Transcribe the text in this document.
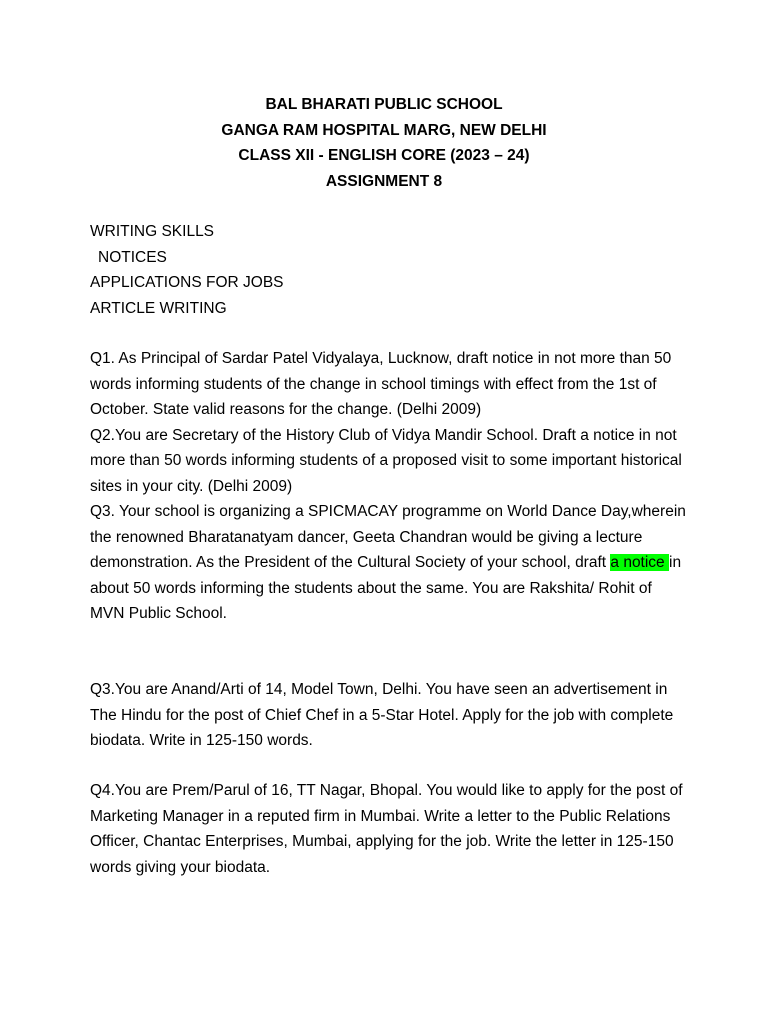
BAL BHARATI PUBLIC SCHOOL
GANGA RAM HOSPITAL MARG, NEW DELHI
CLASS XII - ENGLISH CORE (2023 – 24)
ASSIGNMENT 8
WRITING SKILLS
NOTICES
APPLICATIONS FOR JOBS
ARTICLE WRITING

Q1. As Principal of Sardar Patel Vidyalaya, Lucknow, draft notice in not more than 50 words informing students of the change in school timings with effect from the 1st of October. State valid reasons for the change. (Delhi 2009)

Q2.You are Secretary of the History Club of Vidya Mandir School. Draft a notice in not more than 50 words informing students of a proposed visit to some important historical sites in your city. (Delhi 2009)

Q3. Your school is organizing a SPICMACAY programme on World Dance Day,wherein the renowned Bharatanatyam dancer, Geeta Chandran would be giving a lecture demonstration. As the President of the Cultural Society of your school, draft a notice in about 50 words informing the students about the same. You are Rakshita/ Rohit of MVN Public School.

Q3.You are Anand/Arti of 14, Model Town, Delhi. You have seen an advertisement in The Hindu for the post of Chief Chef in a 5-Star Hotel. Apply for the job with complete biodata. Write in 125-150 words.

Q4.You are Prem/Parul of 16, TT Nagar, Bhopal. You would like to apply for the post of Marketing Manager in a reputed firm in Mumbai. Write a letter to the Public Relations Officer, Chantac Enterprises, Mumbai, applying for the job. Write the letter in 125-150 words giving your biodata.
